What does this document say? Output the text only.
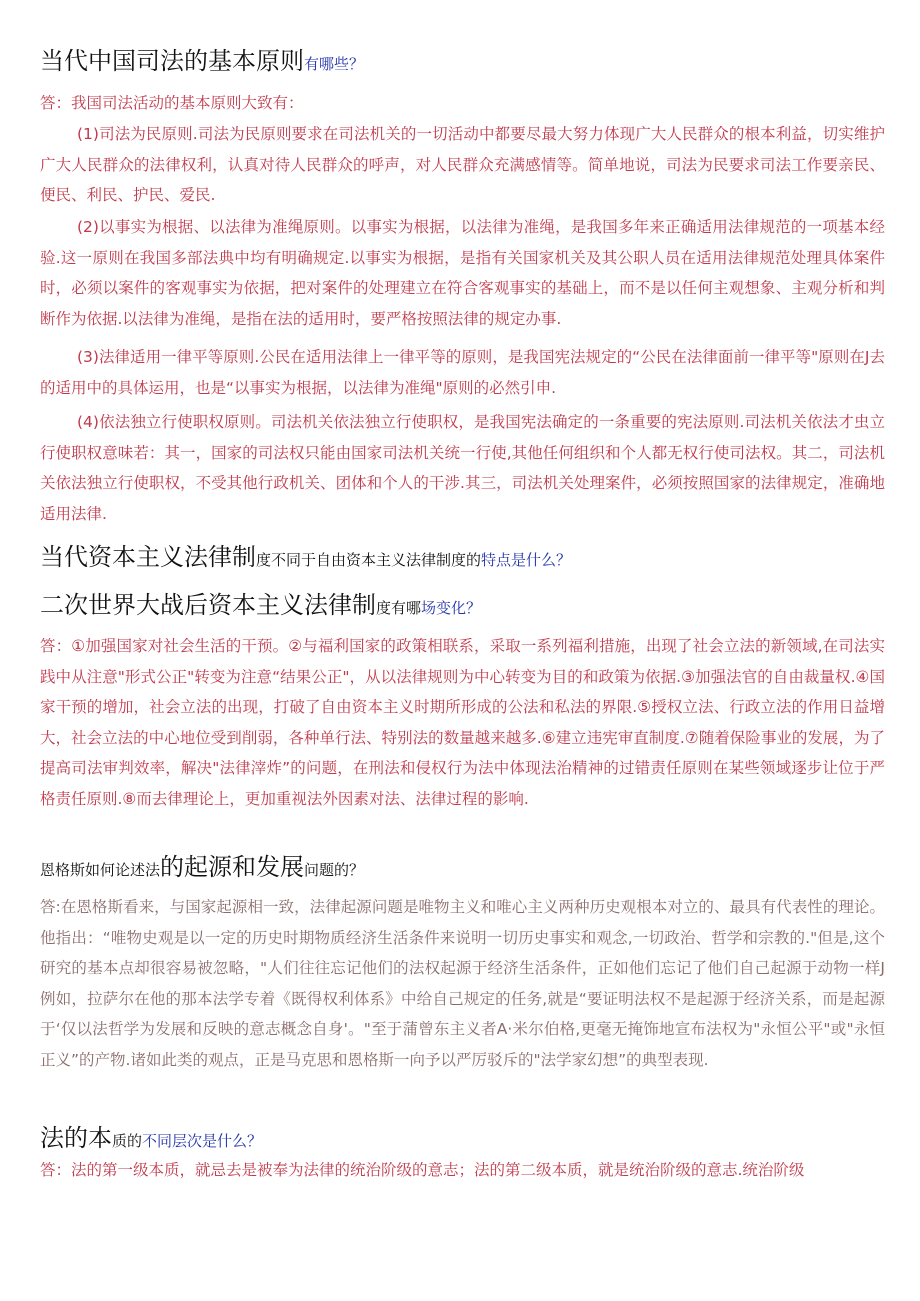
当代中国司法的基本原则有哪些？

答：我国司法活动的基本原则大致有：

(1)司法为民原则.司法为民原则要求在司法机关的一切活动中都要尽最大努力体现广大人民群众的根本利益，切实维护广大人民群众的法律权利，认真对待人民群众的呼声，对人民群众充满感情等。简单地说，司法为民要求司法工作要亲民、便民、利民、护民、爱民.

(2)以事实为根据、以法律为准绳原则。以事实为根据，以法律为准绳，是我国多年来正确适用法律规范的一项基本经验.这一原则在我国多部法典中均有明确规定.以事实为根据，是指有关国家机关及其公职人员在适用法律规范处理具体案件时，必须以案件的客观事实为依据，把对案件的处理建立在符合客观事实的基础上，而不是以任何主观想象、主观分析和判断作为依据.以法律为准绳，是指在法的适用时，要严格按照法律的规定办事.

(3)法律适用一律平等原则.公民在适用法律上一律平等的原则，是我国宪法规定的“公民在法律面前一律平等"原则在J去的适用中的具体运用，也是“以事实为根据，以法律为准绳"原则的必然引申.

(4)依法独立行使职权原则。司法机关依法独立行使职权，是我国宪法确定的一条重要的宪法原则.司法机关依法才虫立行使职权意味若：其一，国家的司法权只能由国家司法机关统一行使,其他任何组织和个人都无权行使司法权。其二，司法机关依法独立行使职权，不受其他行政机关、团体和个人的干涉.其三，司法机关处理案件，必须按照国家的法律规定，准确地适用法律.

当代资本主义法律制度不同于自由资本主义法律制度的特点是什么？
二次世界大战后资本主义法律制度有哪场变化？

答：①加强国家对社会生活的干预。②与福利国家的政策相联系，采取一系列福利措施，出现了社会立法的新领域,在司法实践中从注意"形式公正"转变为注意“结果公正"，从以法律规则为中心转变为目的和政策为依据.③加强法官的自由裁量权.④国家干预的增加，社会立法的出现，打破了自由资本主义时期所形成的公法和私法的界限.⑤授权立法、行政立法的作用日益增大，社会立法的中心地位受到削弱，各种单行法、特别法的数量越来越多.⑥建立违宪审直制度.⑦随着保险事业的发展，为了提高司法审判效率，解决"法律滓炸”的问题，在刑法和侵权行为法中体现法治精神的过错责任原则在某些领域逐步让位于严格责任原则.⑧而去律理论上，更加重视法外因素对法、法律过程的影响.

恩格斯如何论述法的起源和发展问题的？

答:在恩格斯看来，与国家起源相一致，法律起源问题是唯物主义和唯心主义两种历史观根本对立的、最具有代表性的理论。他指出：“唯物史观是以一定的历史时期物质经济生活条件来说明一切历史事实和观念,一切政治、哲学和宗教的."但是,这个研究的基本点却很容易被忽略，"人们往往忘记他们的法权起源于经济生活条件，正如他们忘记了他们自己起源于动物一样J例如，拉萨尔在他的那本法学专着《既得权利体系》中给自己规定的任务,就是“要证明法权不是起源于经济关系，而是起源于‘仅以法哲学为发展和反映的意志概念自身'。"至于蒲曾东主义者A·米尔伯格,更毫无掩饰地宣布法权为"永恒公平"或"永恒正义”的产物.诸如此类的观点，正是马克思和恩格斯一向予以严厉驳斥的"法学家幻想”的典型表现.

法的本质的不同层次是什么？

答：法的第一级本质，就忌去是被奉为法律的统治阶级的意志；法的第二级本质，就是统治阶级的意志.统治阶级
